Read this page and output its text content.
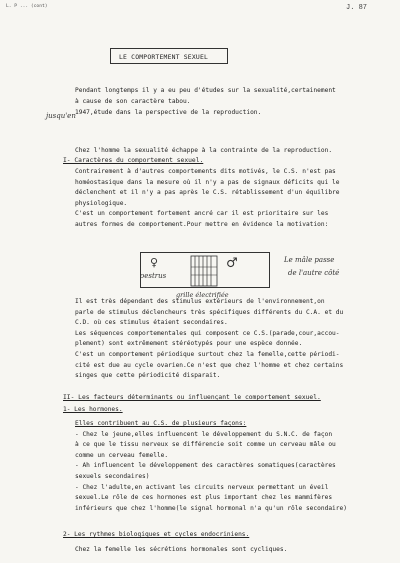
L. P ... (cont)	J. 87
LE COMPORTEMENT SEXUEL
jusqu'en
Pendant longtemps il y a eu peu d'études sur la sexualité,certainement
à cause de son caractère tabou.
1947,étude dans la perspective de la reproduction.
Chez l'homme la sexualité échappe à la contrainte de la reproduction.
I- Caractères du comportement sexuel.
Contrairement à d'autres comportements dits motivés, le C.S. n'est pas
homéostasique dans la mesure où il n'y a pas de signaux déficits qui le
déclenchent et il n'y a pas après le C.S. rétablissement d'un équilibre
physiologique.
C'est un comportement fortement ancré car il est prioritaire sur les
autres formes de comportement.Pour mettre en évidence la motivation:
♀	♂
oestrus
grille électrifiée
Le mâle passe
de l'autre côté
Il est très dépendant des stimulus extérieurs de l'environnement,on
parle de stimulus déclencheurs très spécifiques différents du C.A. et du
C.D. où ces stimulus étaient secondaires.
Les séquences comportementales qui composent ce C.S.(parade,cour,accou-
plement) sont extrêmement stéréotypés pour une espèce donnée.
C'est un comportement périodique surtout chez la femelle,cette périodi-
cité est due au cycle ovarien.Ce n'est que chez l'homme et chez certains
singes que cette périodicité disparait.
II- Les facteurs déterminants ou influençant le comportement sexuel.
1- Les hormones.
Elles contribuent au C.S. de plusieurs façons:
- Chez le jeune,elles influencent le développement du S.N.C. de façon
à ce que le tissu nerveux se différencie soit comme un cerveau mâle ou
comme un cerveau femelle.
- Ah influencent le développement des caractères somatiques(caractères
sexuels secondaires)
- Chez l'adulte,en activant les circuits nerveux permettant un éveil
sexuel.Le rôle de ces hormones est plus important chez les mammifères
inférieurs que chez l'homme(le signal hormonal n'a qu'un rôle secondaire)
2- Les rythmes biologiques et cycles endocriniens.
Chez la femelle les sécrétions hormonales sont cycliques.
